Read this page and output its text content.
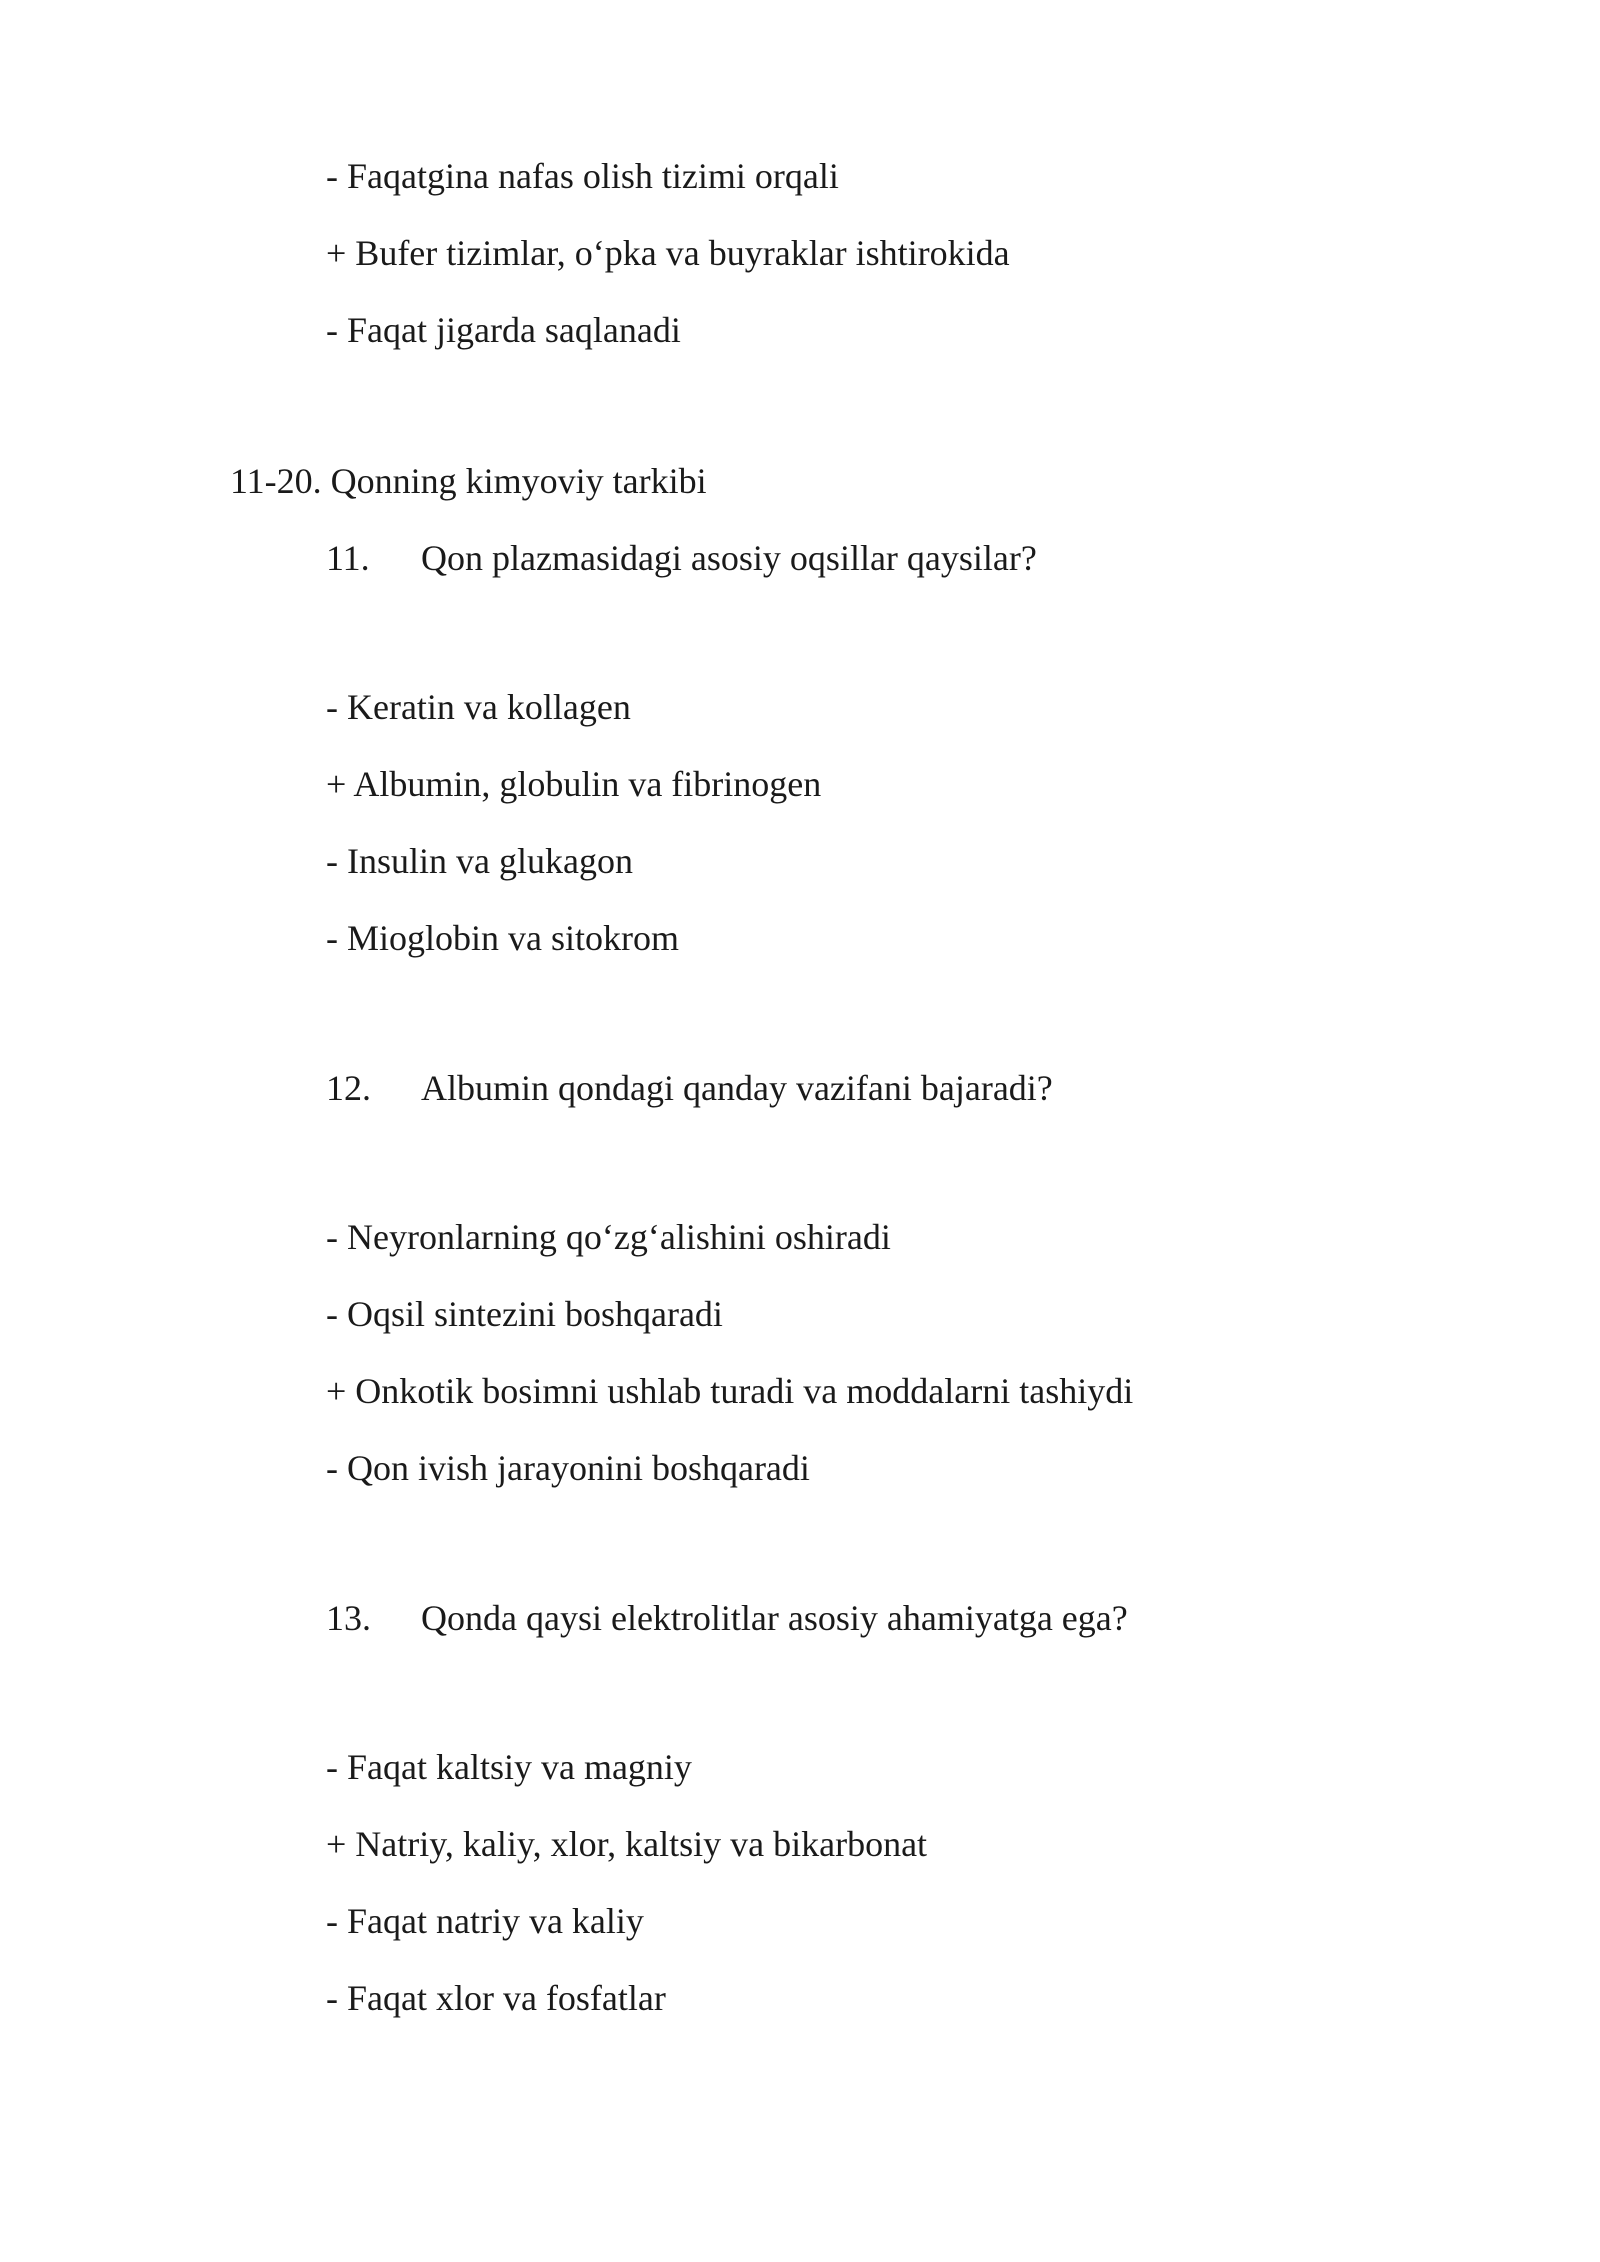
- Faqatgina nafas olish tizimi orqali
+ Bufer tizimlar, o‘pka va buyraklar ishtirokida
- Faqat jigarda saqlanadi
11-20. Qonning kimyoviy tarkibi
11. Qon plazmasidagi asosiy oqsillar qaysilar?
- Keratin va kollagen
+ Albumin, globulin va fibrinogen
- Insulin va glukagon
- Mioglobin va sitokrom
12. Albumin qondagi qanday vazifani bajaradi?
- Neyronlarning qo‘zg‘alishini oshiradi
- Oqsil sintezini boshqaradi
+ Onkotik bosimni ushlab turadi va moddalarni tashiydi
- Qon ivish jarayonini boshqaradi
13. Qonda qaysi elektrolitlar asosiy ahamiyatga ega?
- Faqat kaltsiy va magniy
+ Natriy, kaliy, xlor, kaltsiy va bikarbonat
- Faqat natriy va kaliy
- Faqat xlor va fosfatlar
